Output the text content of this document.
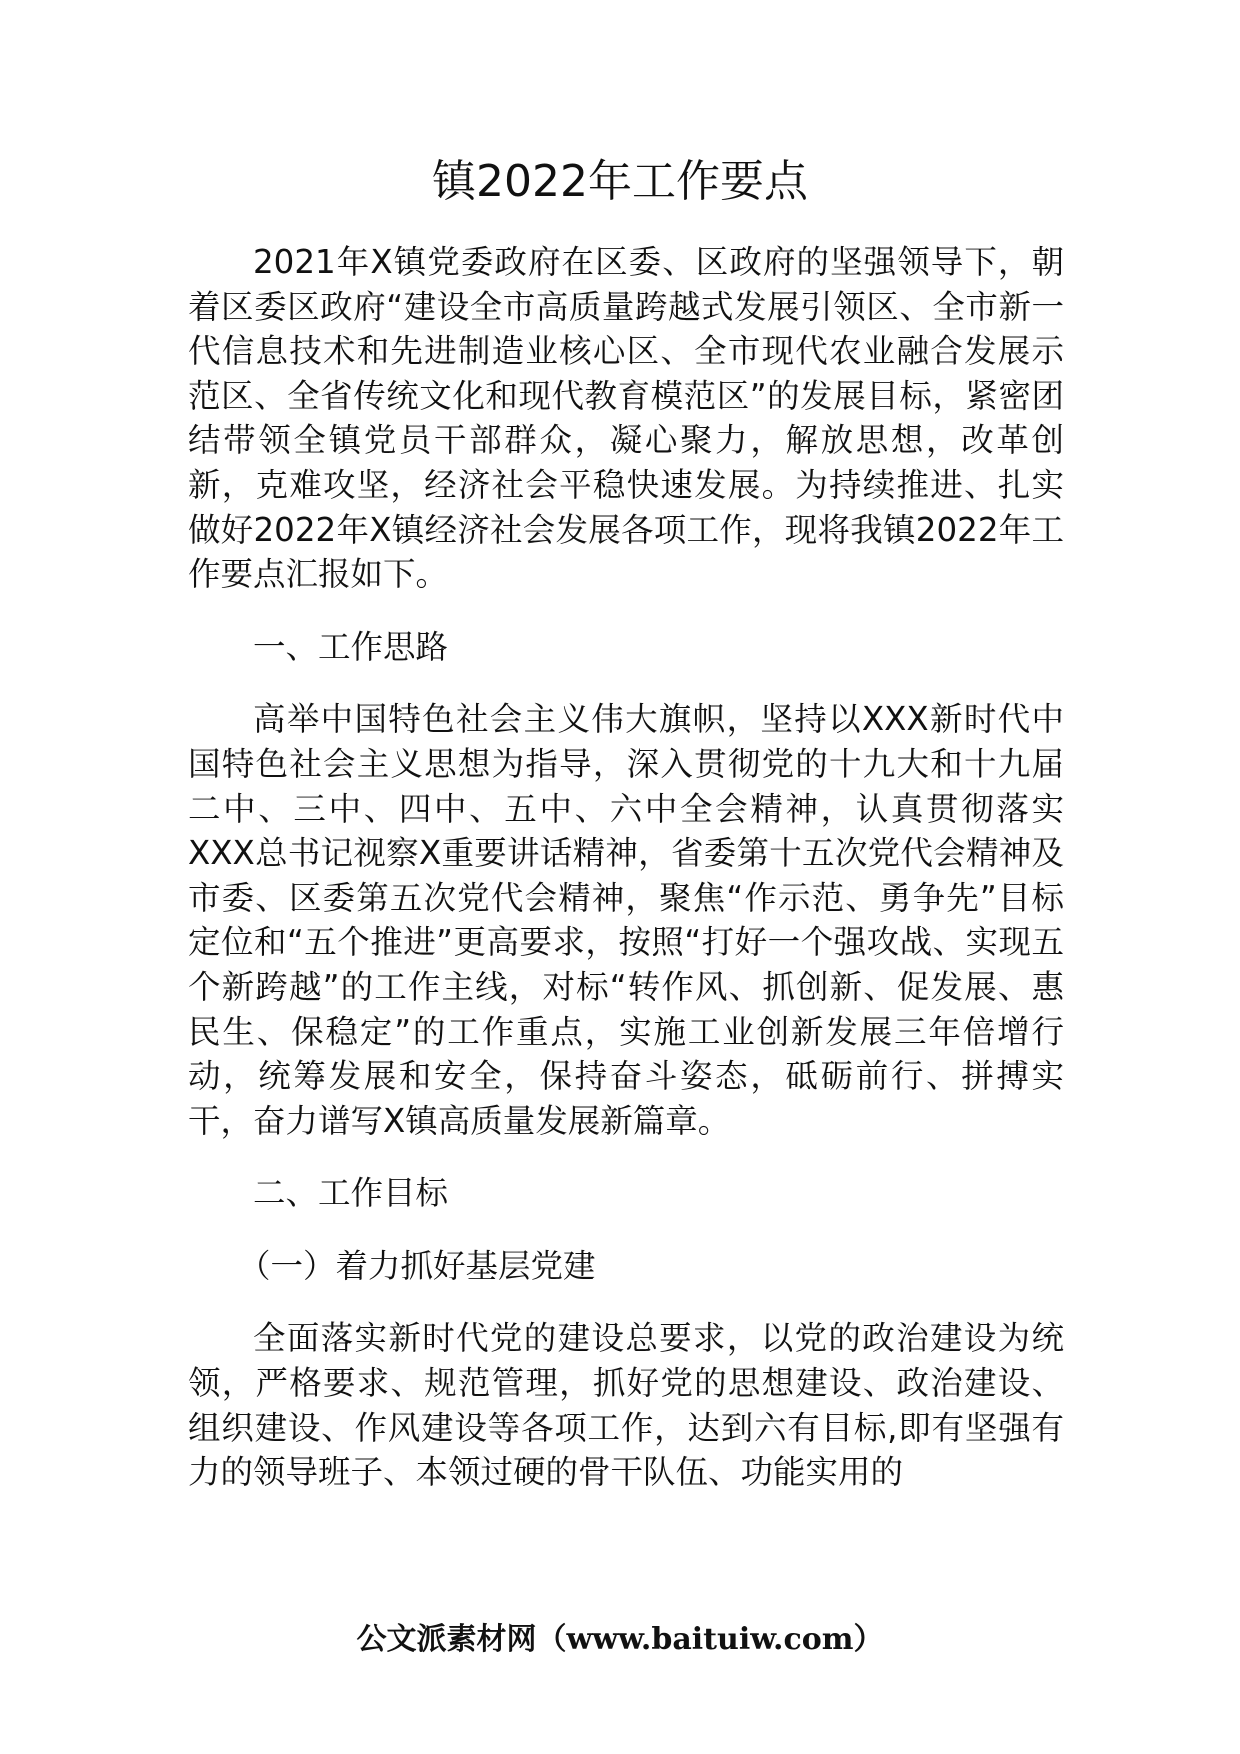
镇2022年工作要点

2021年X镇党委政府在区委、区政府的坚强领导下，朝着区委区政府“建设全市高质量跨越式发展引领区、全市新一代信息技术和先进制造业核心区、全市现代农业融合发展示范区、全省传统文化和现代教育模范区”的发展目标，紧密团结带领全镇党员干部群众，凝心聚力，解放思想，改革创新，克难攻坚，经济社会平稳快速发展。为持续推进、扎实做好2022年X镇经济社会发展各项工作，现将我镇2022年工作要点汇报如下。

一、工作思路

高举中国特色社会主义伟大旗帜，坚持以XXX新时代中国特色社会主义思想为指导，深入贯彻党的十九大和十九届二中、三中、四中、五中、六中全会精神，认真贯彻落实XXX总书记视察X重要讲话精神，省委第十五次党代会精神及市委、区委第五次党代会精神，聚焦“作示范、勇争先”目标定位和“五个推进”更高要求，按照“打好一个强攻战、实现五个新跨越”的工作主线，对标“转作风、抓创新、促发展、惠民生、保稳定”的工作重点，实施工业创新发展三年倍增行动，统筹发展和安全，保持奋斗姿态，砥砺前行、拼搏实干，奋力谱写X镇高质量发展新篇章。

二、工作目标

（一）着力抓好基层党建

全面落实新时代党的建设总要求，以党的政治建设为统领，严格要求、规范管理，抓好党的思想建设、政治建设、组织建设、作风建设等各项工作，达到六有目标,即有坚强有力的领导班子、本领过硬的骨干队伍、功能实用的

公文派素材网（www.baituiw.com）
